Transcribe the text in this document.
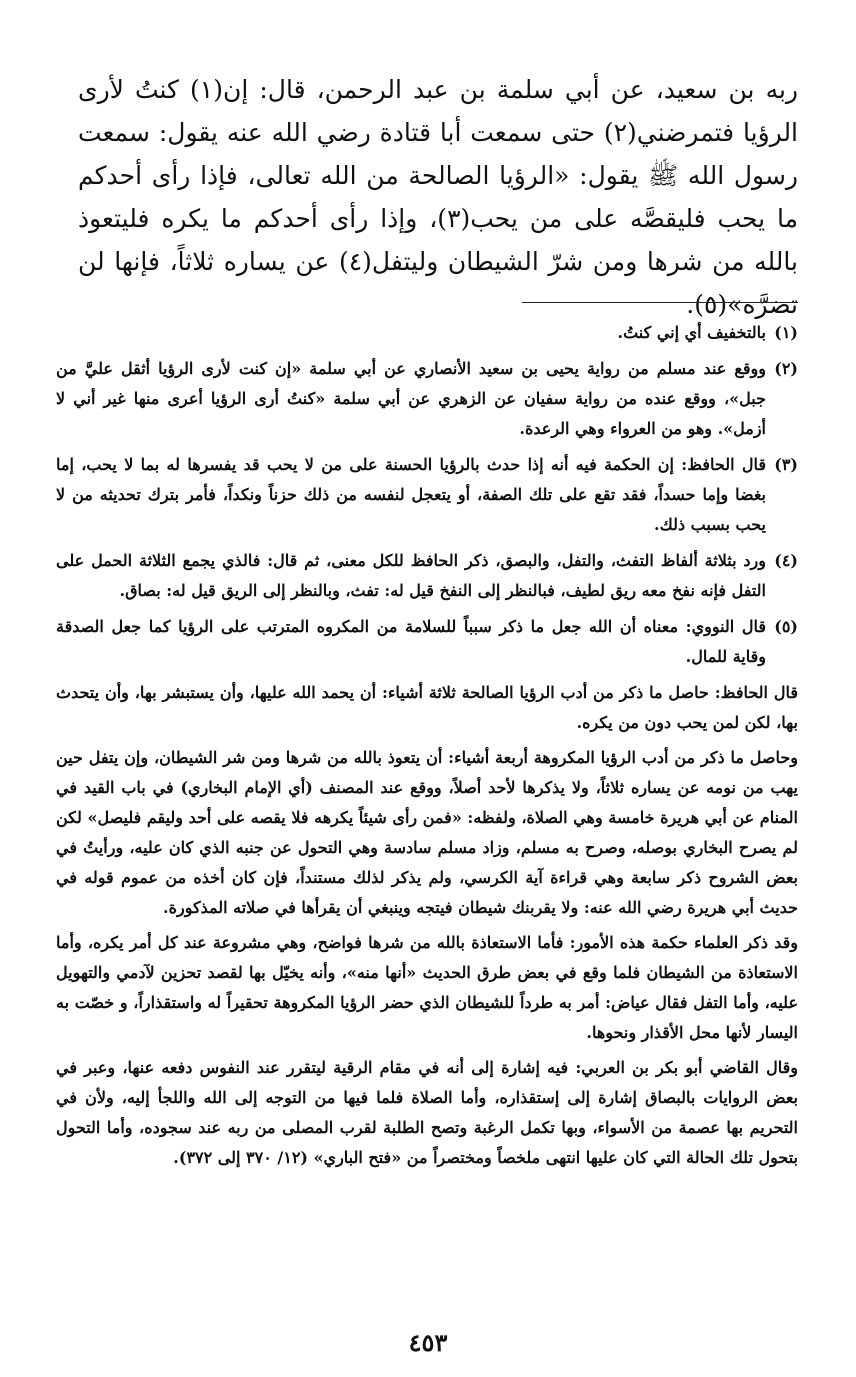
ربه بن سعيد، عن أبي سلمة بن عبد الرحمن، قال: إن(١) كنتُ لأرى الرؤيا فتمرضني(٢) حتى سمعت أبا قتادة رضي الله عنه يقول: سمعت رسول الله ﷺ يقول: «الرؤيا الصالحة من الله تعالى، فإذا رأى أحدكم ما يحب فليقصَّه على من يحب(٣)، وإذا رأى أحدكم ما يكره فليتعوذ بالله من شرها ومن شرّ الشيطان وليتفل(٤) عن يساره ثلاثاً، فإنها لن تضرَّه»(٥).

(١)
بالتخفيف أي إني كنتُ.
(٢)
ووقع عند مسلم من رواية يحيى بن سعيد الأنصاري عن أبي سلمة «إن كنت لأرى الرؤيا أثقل عليَّ من جبل»، ووقع عنده من رواية سفيان عن الزهري عن أبي سلمة «كنتُ أرى الرؤيا أعرى منها غير أني لا أزمل». وهو من العرواء وهي الرعدة.
(٣)
قال الحافظ: إن الحكمة فيه أنه إذا حدث بالرؤيا الحسنة على من لا يحب قد يفسرها له بما لا يحب، إما بغضا وإما حسداً، فقد تقع على تلك الصفة، أو يتعجل لنفسه من ذلك حزناً ونكداً، فأمر بترك تحديثه من لا يحب بسبب ذلك.
(٤)
ورد بثلاثة ألفاظ التفث، والتفل، والبصق، ذكر الحافظ للكل معنى، ثم قال: فالذي يجمع الثلاثة الحمل على التفل فإنه نفخ معه ريق لطيف، فبالنظر إلى النفخ قيل له: تفث، وبالنظر إلى الريق قيل له: بصاق.
(٥)
قال النووي: معناه أن الله جعل ما ذكر سبباً للسلامة من المكروه المترتب على الرؤيا كما جعل الصدقة وقاية للمال.

قال الحافظ: حاصل ما ذكر من أدب الرؤيا الصالحة ثلاثة أشياء: أن يحمد الله عليها، وأن يستبشر بها، وأن يتحدث بها، لكن لمن يحب دون من يكره.

وحاصل ما ذكر من أدب الرؤيا المكروهة أربعة أشياء: أن يتعوذ بالله من شرها ومن شر الشيطان، وإن يتفل حين يهب من نومه عن يساره ثلاثاً، ولا يذكرها لأحد أصلاً، ووقع عند المصنف (أي الإمام البخاري) في باب القيد في المنام عن أبي هريرة خامسة وهي الصلاة، ولفظه: «فمن رأى شيئاً يكرهه فلا يقصه على أحد وليقم فليصل» لكن لم يصرح البخاري بوصله، وصرح به مسلم، وزاد مسلم سادسة وهي التحول عن جنبه الذي كان عليه، ورأيتُ في بعض الشروح ذكر سابعة وهي قراءة آية الكرسي، ولم يذكر لذلك مستنداً، فإن كان أخذه من عموم قوله في حديث أبي هريرة رضي الله عنه: ولا يقربنك شيطان فيتجه وينبغي أن يقرأها في صلاته المذكورة.

وقد ذكر العلماء حكمة هذه الأمور: فأما الاستعاذة بالله من شرها فواضح، وهي مشروعة عند كل أمر يكره، وأما الاستعاذة من الشيطان فلما وقع في بعض طرق الحديث «أنها منه»، وأنه يخيّل بها لقصد تحزين لآدمي والتهويل عليه، وأما التفل فقال عياض: أمر به طرداً للشيطان الذي حضر الرؤيا المكروهة تحقيراً له واستقذاراً، و خصّت به اليسار لأنها محل الأقذار ونحوها.

وقال القاضي أبو بكر بن العربي: فيه إشارة إلى أنه في مقام الرقية ليتقرر عند النفوس دفعه عنها، وعبر في بعض الروايات بالبصاق إشارة إلى إستقذاره، وأما الصلاة فلما فيها من التوجه إلى الله واللجأ إليه، ولأن في التحريم بها عصمة من الأسواء، وبها تكمل الرغبة وتصح الطلبة لقرب المصلى من ربه عند سجوده، وأما التحول بتحول تلك الحالة التي كان عليها انتهى ملخصاً ومختصراً من «فتح الباري» (١٢/ ٣٧٠ إلى ٣٧٢).

٤٥٣
